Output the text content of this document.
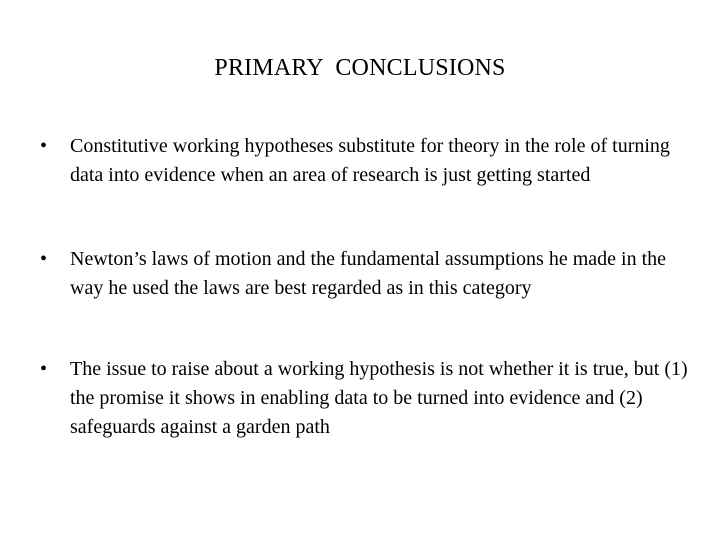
PRIMARY  CONCLUSIONS
•	Constitutive working hypotheses substitute for theory in the role of turning data into evidence when an area of research is just getting started
•	Newton’s laws of motion and the fundamental assumptions he made in the way he used the laws are best regarded as in this category
•	The issue to raise about a working hypothesis is not whether it is true, but (1) the promise it shows in enabling data to be turned into evidence and (2) safeguards against a garden path
